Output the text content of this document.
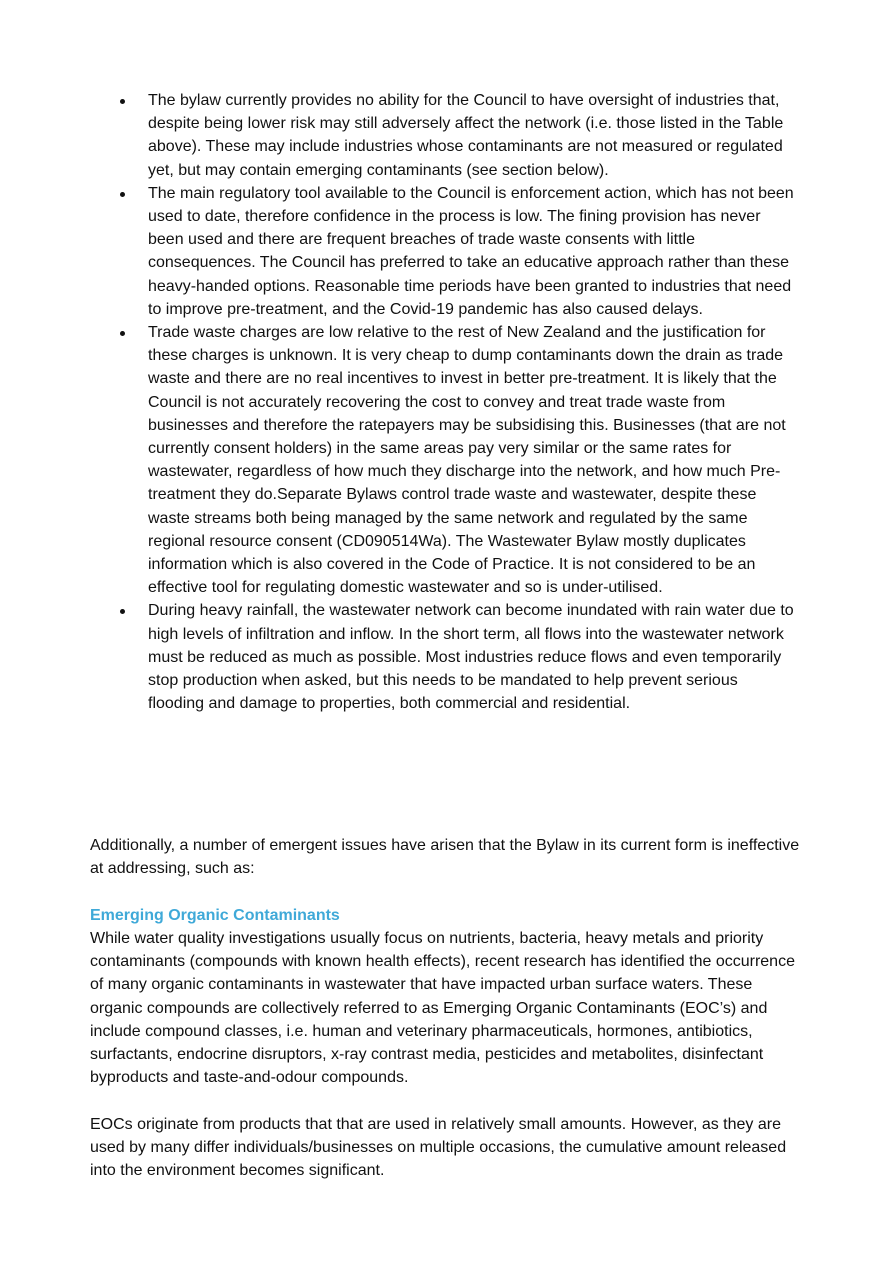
The bylaw currently provides no ability for the Council to have oversight of industries that, despite being lower risk may still adversely affect the network (i.e. those listed in the Table above). These may include industries whose contaminants are not measured or regulated yet, but may contain emerging contaminants (see section below).
The main regulatory tool available to the Council is enforcement action, which has not been used to date, therefore confidence in the process is low. The fining provision has never been used and there are frequent breaches of trade waste consents with little consequences. The Council has preferred to take an educative approach rather than these heavy-handed options. Reasonable time periods have been granted to industries that need to improve pre-treatment, and the Covid-19 pandemic has also caused delays.
Trade waste charges are low relative to the rest of New Zealand and the justification for these charges is unknown. It is very cheap to dump contaminants down the drain as trade waste and there are no real incentives to invest in better pre-treatment. It is likely that the Council is not accurately recovering the cost to convey and treat trade waste from businesses and therefore the ratepayers may be subsidising this. Businesses (that are not currently consent holders) in the same areas pay very similar or the same rates for wastewater, regardless of how much they discharge into the network, and how much Pre-treatment they do.Separate Bylaws control trade waste and wastewater, despite these waste streams both being managed by the same network and regulated by the same regional resource consent (CD090514Wa). The Wastewater Bylaw mostly duplicates information which is also covered in the Code of Practice. It is not considered to be an effective tool for regulating domestic wastewater and so is under-utilised.
During heavy rainfall, the wastewater network can become inundated with rain water due to high levels of infiltration and inflow. In the short term, all flows into the wastewater network must be reduced as much as possible. Most industries reduce flows and even temporarily stop production when asked, but this needs to be mandated to help prevent serious flooding and damage to properties, both commercial and residential.

Additionally, a number of emergent issues have arisen that the Bylaw in its current form is ineffective at addressing, such as:

Emerging Organic Contaminants

While water quality investigations usually focus on nutrients, bacteria, heavy metals and priority contaminants (compounds with known health effects), recent research has identified the occurrence of many organic contaminants in wastewater that have impacted urban surface waters. These organic compounds are collectively referred to as Emerging Organic Contaminants (EOC’s) and include compound classes, i.e. human and veterinary pharmaceuticals, hormones, antibiotics, surfactants, endocrine disruptors, x-ray contrast media, pesticides and metabolites, disinfectant byproducts and taste-and-odour compounds.

EOCs originate from products that that are used in relatively small amounts. However, as they are used by many differ individuals/businesses on multiple occasions, the cumulative amount released into the environment becomes significant.
